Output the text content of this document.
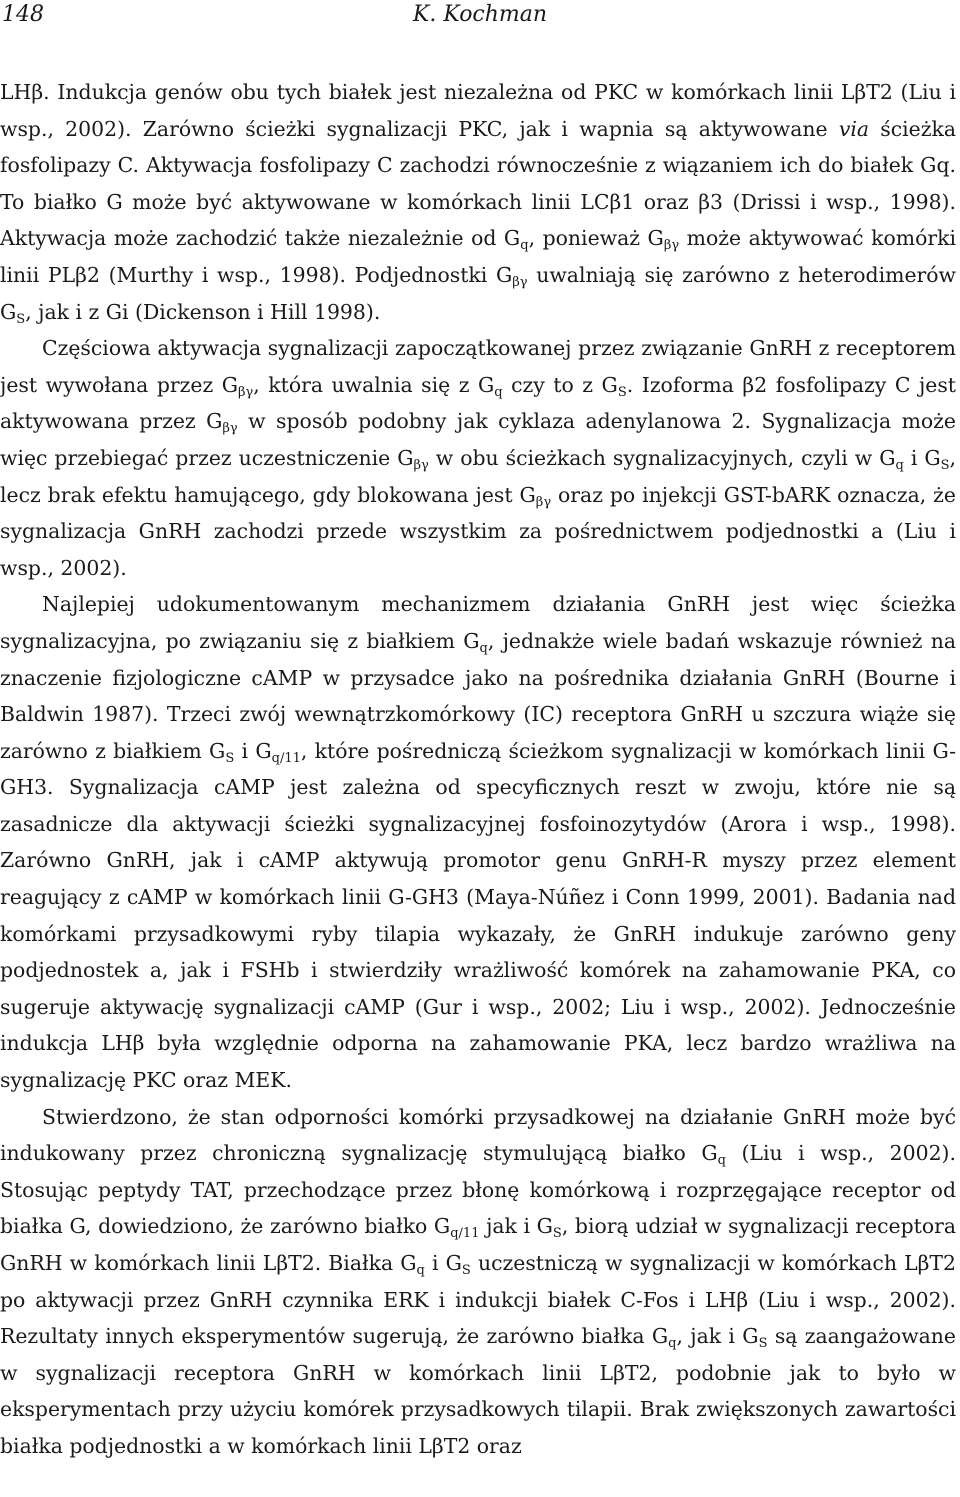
148	K. Kochman

LHβ. Indukcja genów obu tych białek jest niezależna od PKC w komórkach linii LβT2 (Liu i wsp., 2002). Zarówno ścieżki sygnalizacji PKC, jak i wapnia są aktywowane via ścieżka fosfolipazy C. Aktywacja fosfolipazy C zachodzi równocześnie z wiązaniem ich do białek Gq. To białko G może być aktywowane w komórkach linii LCβ1 oraz β3 (Drissi i wsp., 1998). Aktywacja może zachodzić także niezależnie od $G_q$, ponieważ $G_{\beta\gamma}$ może aktywować komórki linii PLβ2 (Murthy i wsp., 1998). Podjednostki $G_{\beta\gamma}$ uwalniają się zarówno z heterodimerów $G_S$, jak i z Gi (Dickenson i Hill 1998).

Częściowa aktywacja sygnalizacji zapoczątkowanej przez związanie GnRH z receptorem jest wywołana przez $G_{\beta\gamma}$, która uwalnia się z $G_q$ czy to z $G_S$. Izoforma β2 fosfolipazy C jest aktywowana przez $G_{\beta\gamma}$ w sposób podobny jak cyklaza adenylanowa 2. Sygnalizacja może więc przebiegać przez uczestniczenie $G_{\beta\gamma}$ w obu ścieżkach sygnalizacyjnych, czyli w $G_q$ i $G_S$, lecz brak efektu hamującego, gdy blokowana jest $G_{\beta\gamma}$ oraz po injekcji GST-bARK oznacza, że sygnalizacja GnRH zachodzi przede wszystkim za pośrednictwem podjednostki a (Liu i wsp., 2002).

Najlepiej udokumentowanym mechanizmem działania GnRH jest więc ścieżka sygnalizacyjna, po związaniu się z białkiem $G_q$, jednakże wiele badań wskazuje również na znaczenie fizjologiczne cAMP w przysadce jako na pośrednika działania GnRH (Bourne i Baldwin 1987). Trzeci zwój wewnątrzkomórkowy (IC) receptora GnRH u szczura wiąże się zarówno z białkiem $G_S$ i $G_{q/11}$, które pośredniczą ścieżkom sygnalizacji w komórkach linii G-GH3. Sygnalizacja cAMP jest zależna od specyficznych reszt w zwoju, które nie są zasadnicze dla aktywacji ścieżki sygnalizacyjnej fosfoinozytydów (Arora i wsp., 1998). Zarówno GnRH, jak i cAMP aktywują promotor genu GnRH-R myszy przez element reagujący z cAMP w komórkach linii G-GH3 (Maya-Núñez i Conn 1999, 2001). Badania nad komórkami przysadkowymi ryby tilapia wykazały, że GnRH indukuje zarówno geny podjednostek a, jak i FSHb i stwierdziły wrażliwość komórek na zahamowanie PKA, co sugeruje aktywację sygnalizacji cAMP (Gur i wsp., 2002; Liu i wsp., 2002). Jednocześnie indukcja LHβ była względnie odporna na zahamowanie PKA, lecz bardzo wrażliwa na sygnalizację PKC oraz MEK.

Stwierdzono, że stan odporności komórki przysadkowej na działanie GnRH może być indukowany przez chroniczną sygnalizację stymulującą białko $G_q$ (Liu i wsp., 2002). Stosując peptydy TAT, przechodzące przez błonę komórkową i rozprzęgające receptor od białka G, dowiedziono, że zarówno białko $G_{q/11}$ jak i $G_S$, biorą udział w sygnalizacji receptora GnRH w komórkach linii LβT2. Białka $G_q$ i $G_S$ uczestniczą w sygnalizacji w komórkach LβT2 po aktywacji przez GnRH czynnika ERK i indukcji białek C-Fos i LHβ (Liu i wsp., 2002). Rezultaty innych eksperymentów sugerują, że zarówno białka $G_q$, jak i $G_S$ są zaangażowane w sygnalizacji receptora GnRH w komórkach linii LβT2, podobnie jak to było w eksperymentach przy użyciu komórek przysadkowych tilapii. Brak zwiększonych zawartości białka podjednostki a w komórkach linii LβT2 oraz
